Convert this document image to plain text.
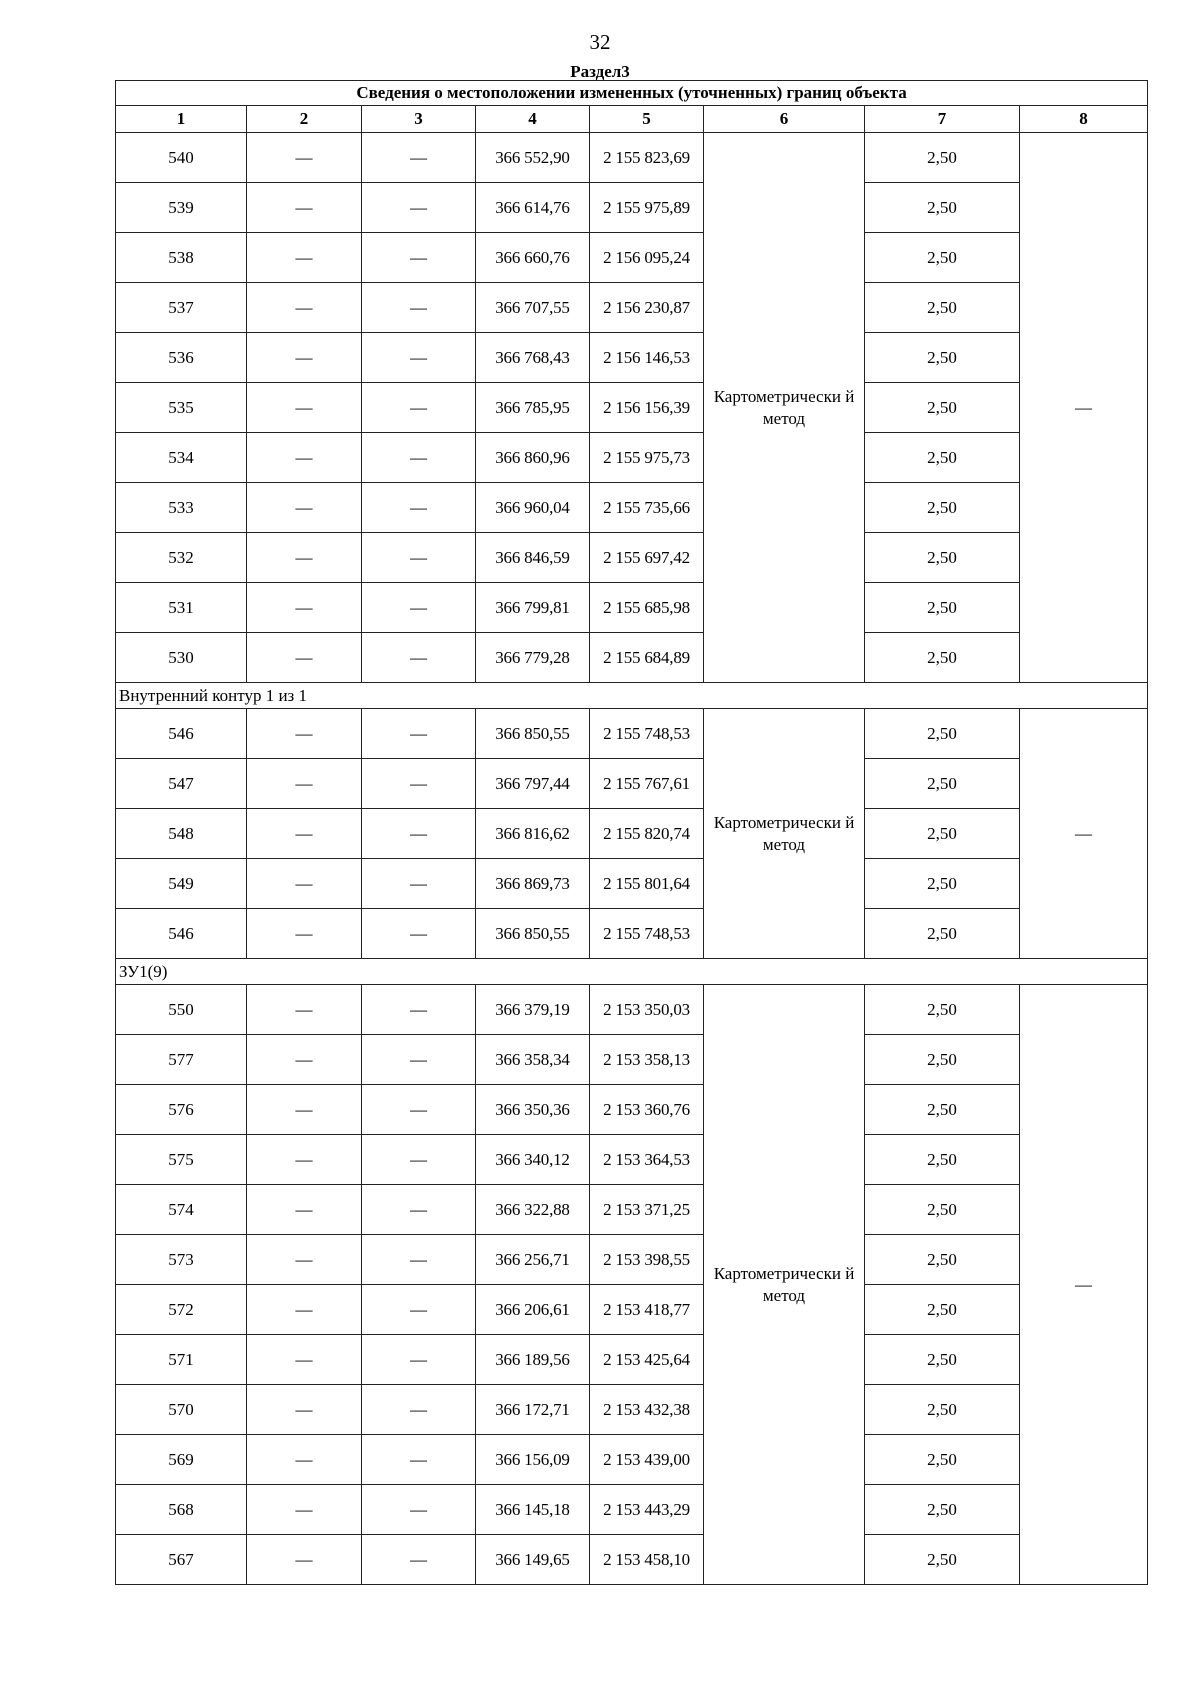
32
Раздел3
Сведения о местоположении измененных (уточненных) границ объекта							
1	2	3	4	5	6	7	8
540	—	—	366 552,90	2 155 823,69	Картометрически й метод	2,50	—
539	—	—	366 614,76	2 155 975,89		2,50	
538	—	—	366 660,76	2 156 095,24		2,50	
537	—	—	366 707,55	2 156 230,87		2,50	
536	—	—	366 768,43	2 156 146,53		2,50	
535	—	—	366 785,95	2 156 156,39		2,50	
534	—	—	366 860,96	2 155 975,73		2,50	
533	—	—	366 960,04	2 155 735,66		2,50	
532	—	—	366 846,59	2 155 697,42		2,50	
531	—	—	366 799,81	2 155 685,98		2,50	
530	—	—	366 779,28	2 155 684,89		2,50	
Внутренний контур 1 из 1							
546	—	—	366 850,55	2 155 748,53	Картометрически й метод	2,50	—
547	—	—	366 797,44	2 155 767,61		2,50	
548	—	—	366 816,62	2 155 820,74		2,50	
549	—	—	366 869,73	2 155 801,64		2,50	
546	—	—	366 850,55	2 155 748,53		2,50	
ЗУ1(9)							
550	—	—	366 379,19	2 153 350,03	Картометрически й метод	2,50	—
577	—	—	366 358,34	2 153 358,13		2,50	
576	—	—	366 350,36	2 153 360,76		2,50	
575	—	—	366 340,12	2 153 364,53		2,50	
574	—	—	366 322,88	2 153 371,25		2,50	
573	—	—	366 256,71	2 153 398,55		2,50	
572	—	—	366 206,61	2 153 418,77		2,50	
571	—	—	366 189,56	2 153 425,64		2,50	
570	—	—	366 172,71	2 153 432,38		2,50	
569	—	—	366 156,09	2 153 439,00		2,50	
568	—	—	366 145,18	2 153 443,29		2,50	
567	—	—	366 149,65	2 153 458,10		2,50	
